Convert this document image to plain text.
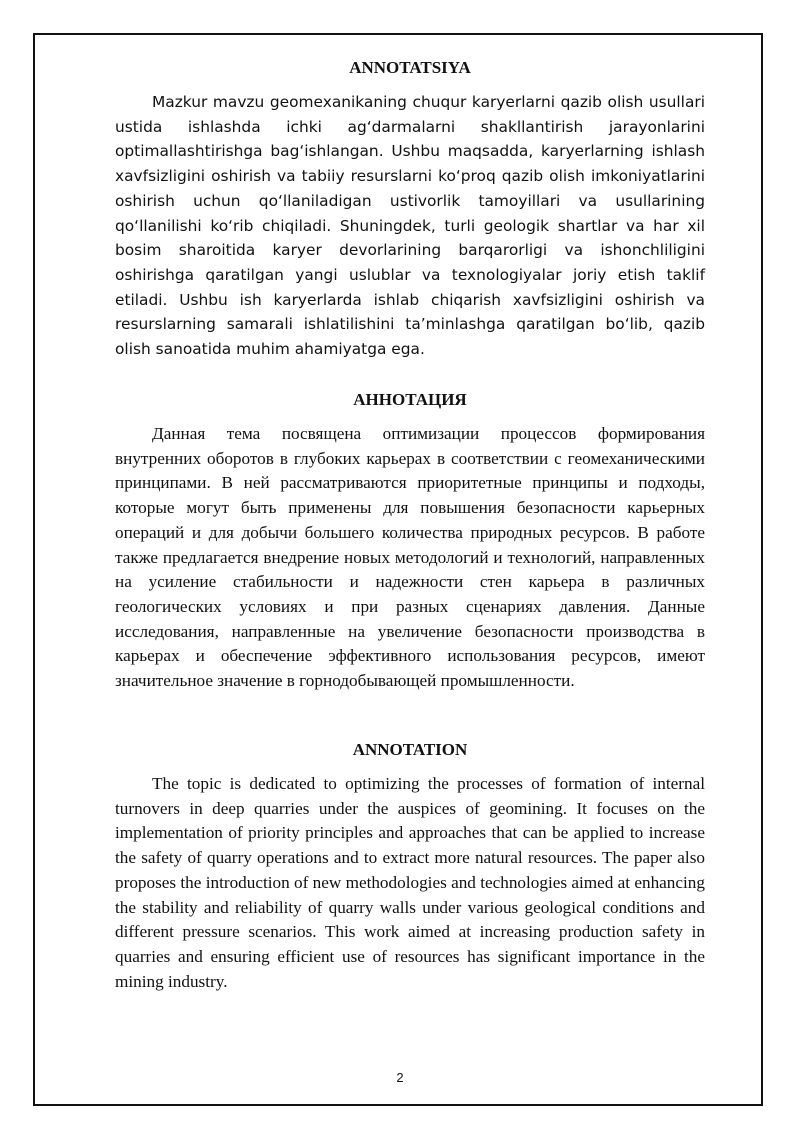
ANNOTATSIYA

Mazkur mavzu geomexanikaning chuqur karyerlarni qazib olish usullari ustida ishlashda ichki ag‘darmalarni shakllantirish jarayonlarini optimallashtirishga bag‘ishlangan. Ushbu maqsadda, karyerlarning ishlash xavfsizligini oshirish va tabiiy resurslarni ko‘proq qazib olish imkoniyatlarini oshirish uchun qo‘llaniladigan ustivorlik tamoyillari va usullarining qo‘llanilishi ko‘rib chiqiladi. Shuningdek, turli geologik shartlar va har xil bosim sharoitida karyer devorlarining barqarorligi va ishonchliligini oshirishga qaratilgan yangi uslublar va texnologiyalar joriy etish taklif etiladi. Ushbu ish karyerlarda ishlab chiqarish xavfsizligini oshirish va resurslarning samarali ishlatilishini ta’minlashga qaratilgan bo‘lib, qazib olish sanoatida muhim ahamiyatga ega.

АННОТАЦИЯ

Данная тема посвящена оптимизации процессов формирования внутренних оборотов в глубоких карьерах в соответствии с геомеханическими принципами. В ней рассматриваются приоритетные принципы и подходы, которые могут быть применены для повышения безопасности карьерных операций и для добычи большего количества природных ресурсов. В работе также предлагается внедрение новых методологий и технологий, направленных на усиление стабильности и надежности стен карьера в различных геологических условиях и при разных сценариях давления. Данные исследования, направленные на увеличение безопасности производства в карьерах и обеспечение эффективного использования ресурсов, имеют значительное значение в горнодобывающей промышленности.

ANNOTATION

The topic is dedicated to optimizing the processes of formation of internal turnovers in deep quarries under the auspices of geomining. It focuses on the implementation of priority principles and approaches that can be applied to increase the safety of quarry operations and to extract more natural resources. The paper also proposes the introduction of new methodologies and technologies aimed at enhancing the stability and reliability of quarry walls under various geological conditions and different pressure scenarios. This work aimed at increasing production safety in quarries and ensuring efficient use of resources has significant importance in the mining industry.

2
